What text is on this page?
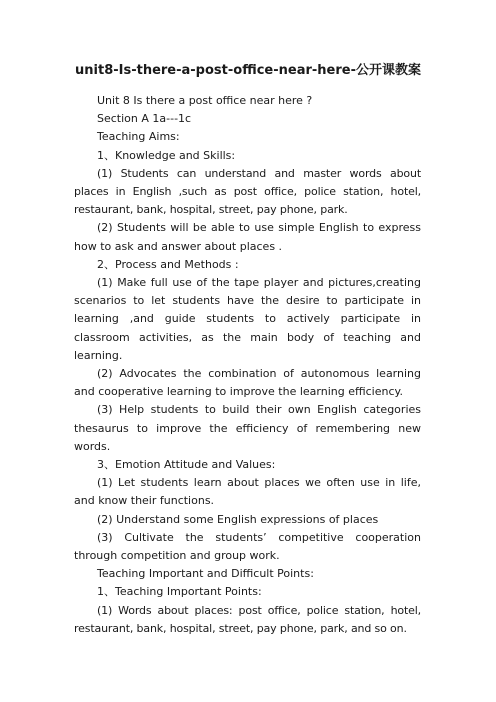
unit8-Is-there-a-post-office-near-here-公开课教案

Unit 8 Is there a post office near here ?

Section A 1a---1c

Teaching Aims:

1、Knowledge and Skills:

(1) Students can understand and master words about places in English ,such as post office, police station, hotel, restaurant, bank, hospital, street, pay phone, park.

(2) Students will be able to use simple English to express how to ask and answer about places .

2、Process and Methods :

(1) Make full use of the tape player and pictures,creating scenarios to let students have the desire to participate in learning ,and guide students to actively participate in classroom activities, as the main body of teaching and learning.

(2) Advocates the combination of autonomous learning and cooperative learning to improve the learning efficiency.

(3) Help students to build their own English categories thesaurus to improve the efficiency of remembering new words.

3、Emotion Attitude and Values:

(1) Let students learn about places we often use in life, and know their functions.

(2) Understand some English expressions of places

(3) Cultivate the students’ competitive cooperation through competition and group work.

Teaching Important and Difficult Points:

1、Teaching Important Points:

(1) Words about places: post office, police station, hotel, restaurant, bank, hospital, street, pay phone, park, and so on.
